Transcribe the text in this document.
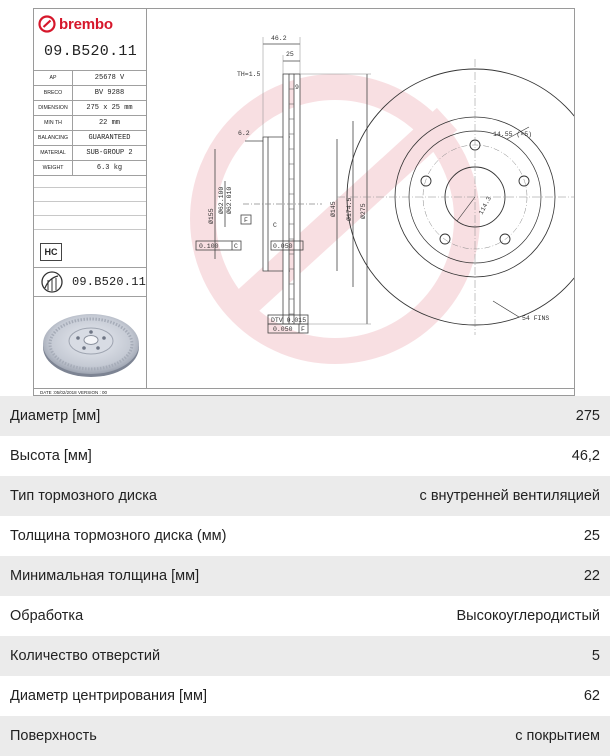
brembo
09.B520.11
AP	25678 V
BRECO	BV 9288
DIMENSION	275 x 25 mm
MIN TH	22 mm
BALANCING	GUARANTEED
MATERIAL	SUB-GROUP 2
WEIGHT	6.3 kg
HC
09.B520.11
46.2
25
TH=1.5
9
6.2	14.55 (×5)
54 FINS
0.050
0.100 C
DTV 0.015
0.050 F
F
C
Ø155
Ø62.100 Ø62.010	Ø145 Ø174.5 Ø275	114.3
DATE :05/02/2018 VERSION : 00
Диаметр [мм]	275
Высота [мм]	46,2
Тип тормозного диска	с внутренней вентиляцией
Толщина тормозного диска (мм)	25
Минимальная толщина [мм]	22
Обработка	Высокоуглеродистый
Количество отверстий	5
Диаметр центрирования [мм]	62
Поверхность	с покрытием
